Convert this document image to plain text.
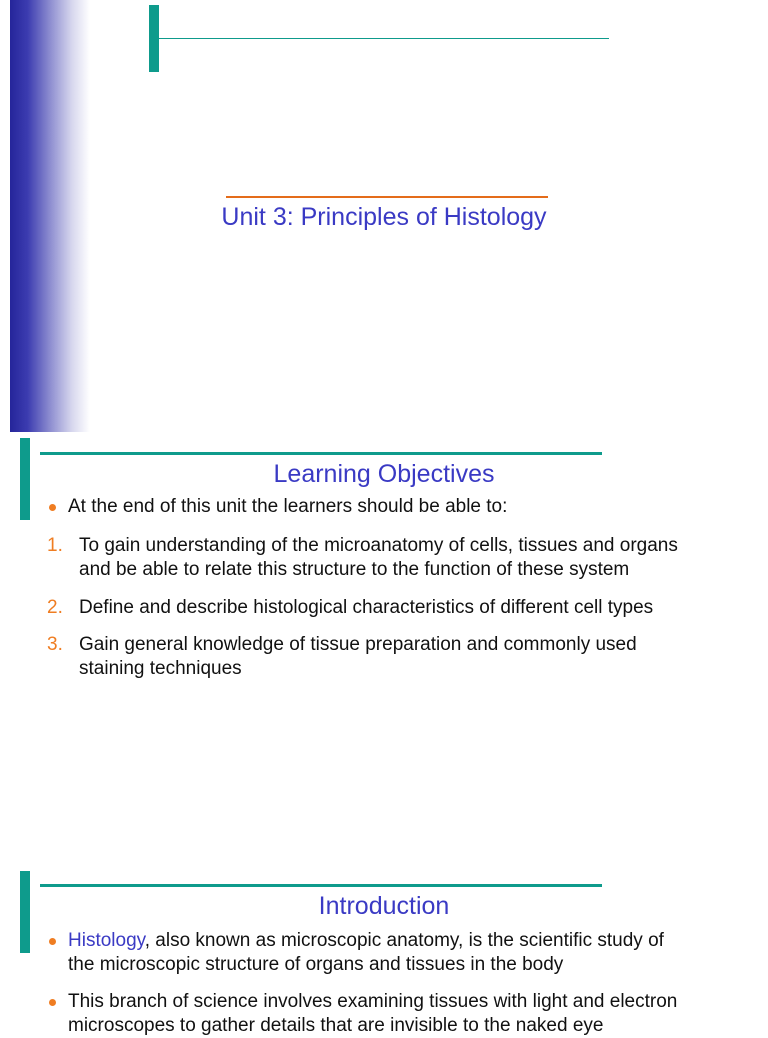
Unit 3: Principles of Histology
Learning Objectives
At the end of this unit the learners should be able to:
1. To gain understanding of the microanatomy of cells, tissues and organs
and be able to relate this structure to the function of these system
2. Define and describe histological characteristics of different cell types
3. Gain general knowledge of tissue preparation and commonly used
staining techniques
Introduction
Histology, also known as microscopic anatomy, is the scientific study of
the microscopic structure of organs and tissues in the body
This branch of science involves examining tissues with light and electron
microscopes to gather details that are invisible to the naked eye
